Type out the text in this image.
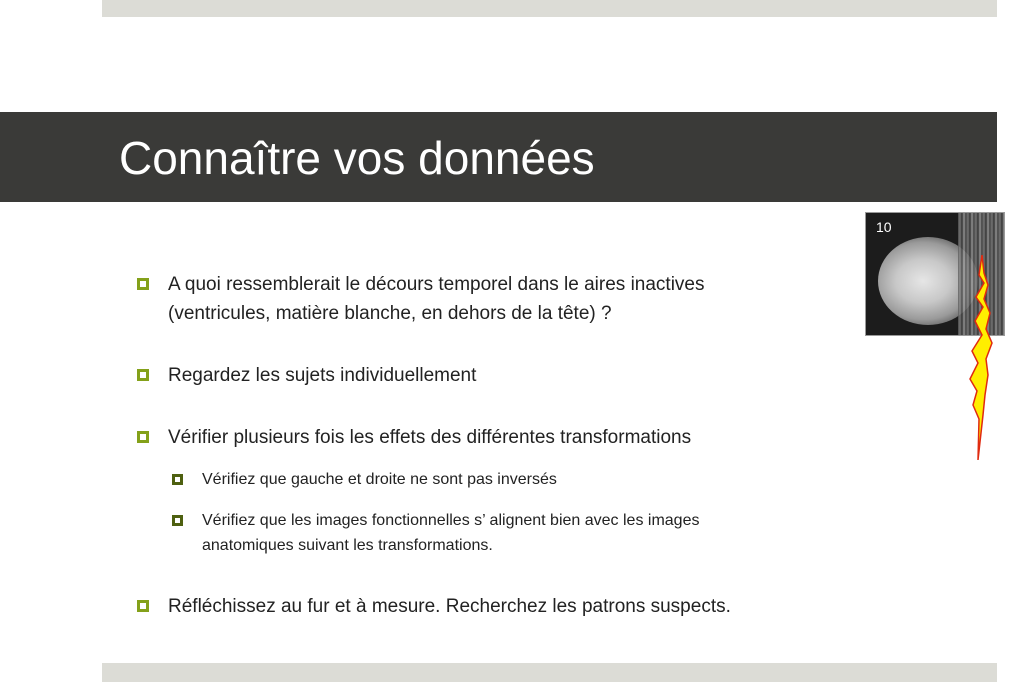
Connaître vos données
A quoi ressemblerait le décours temporel dans le aires inactives
(ventricules, matière blanche, en dehors de la tête) ?
Regardez les sujets individuellement
Vérifier plusieurs fois les effets des différentes transformations
Vérifiez que gauche et droite ne sont pas inversés
Vérifiez que les images fonctionnelles s’ alignent bien avec les images
anatomiques suivant les transformations.
Réfléchissez au fur et à mesure. Recherchez les patrons suspects.
10
